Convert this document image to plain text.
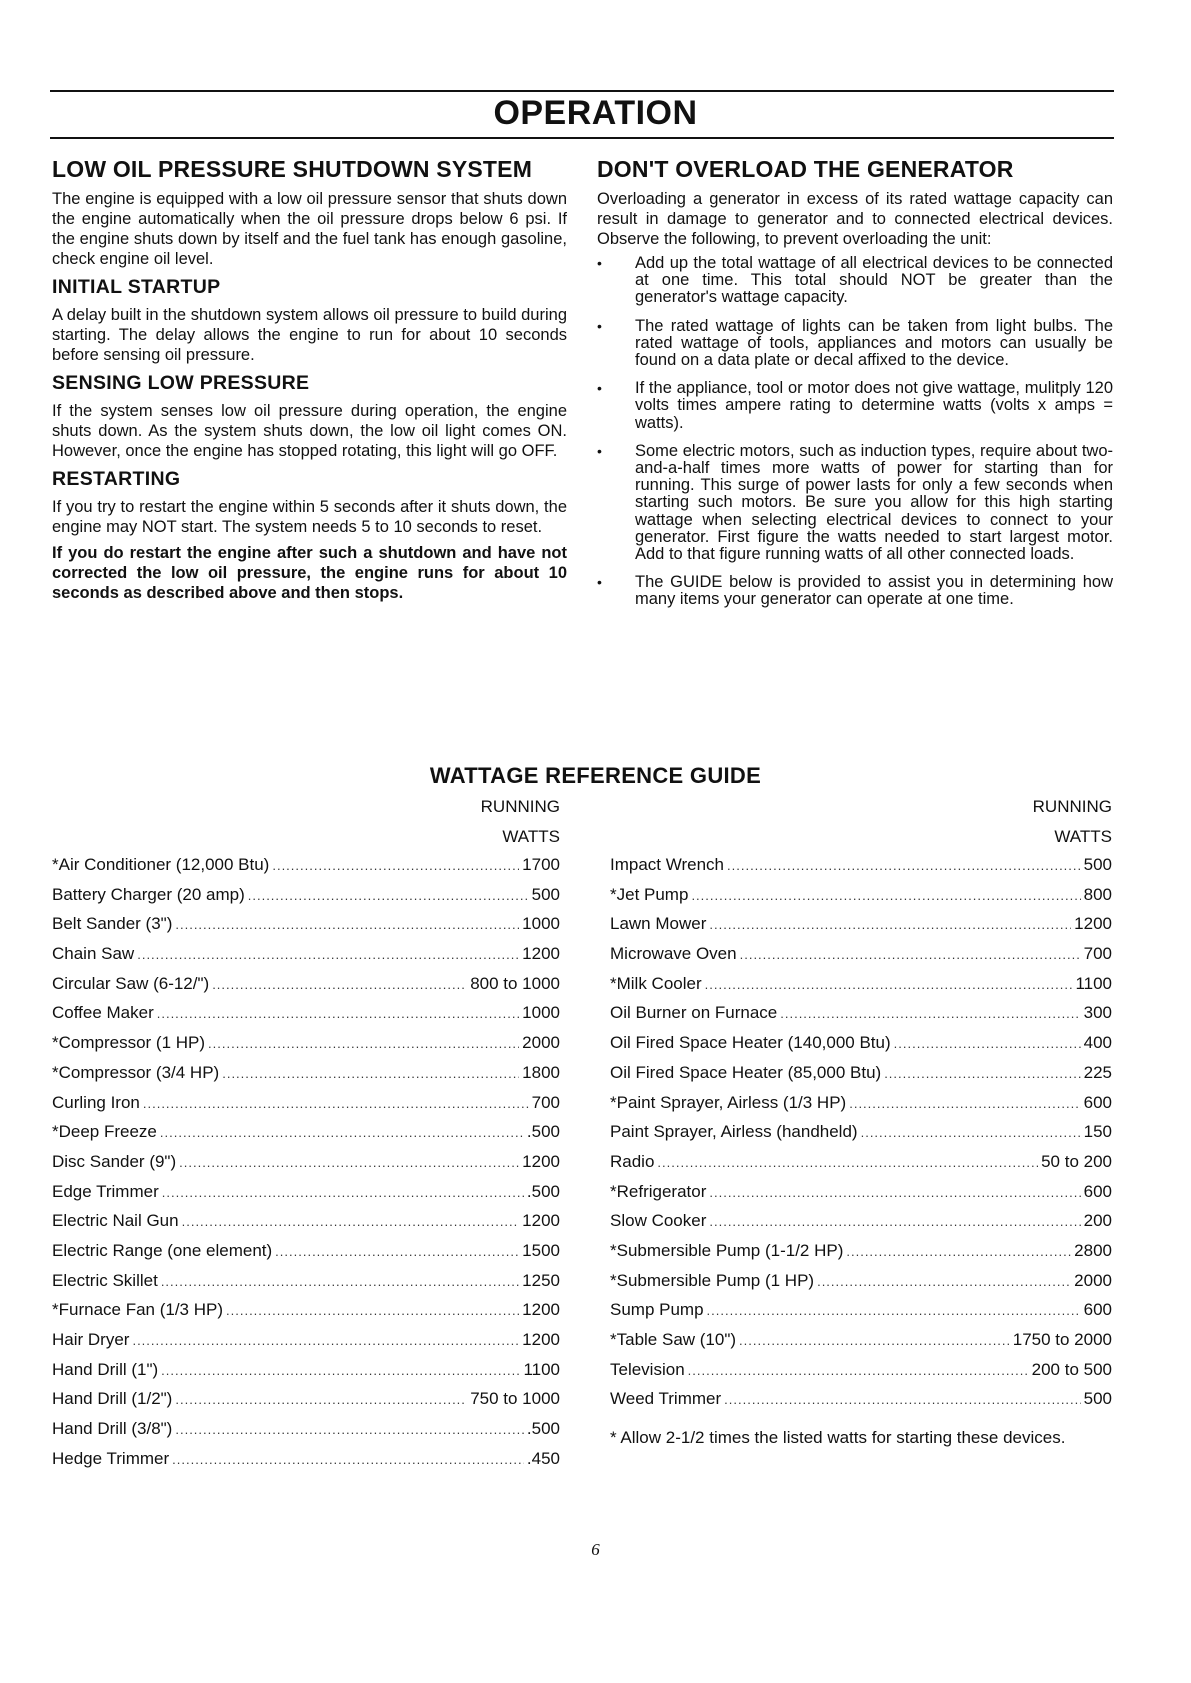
OPERATION
LOW OIL PRESSURE SHUTDOWN SYSTEM

The engine is equipped with a low oil pressure sensor that shuts down the engine automatically when the oil pressure drops below 6 psi. If the engine shuts down by itself and the fuel tank has enough gasoline, check engine oil level.

INITIAL STARTUP

A delay built in the shutdown system allows oil pressure to build during starting. The delay allows the engine to run for about 10 seconds before sensing oil pressure.

SENSING LOW PRESSURE

If the system senses low oil pressure during operation, the engine shuts down. As the system shuts down, the low oil light comes ON. However, once the engine has stopped rotating, this light will go OFF.

RESTARTING

If you try to restart the engine within 5 seconds after it shuts down, the engine may NOT start. The system needs 5 to 10 seconds to reset.

If you do restart the engine after such a shutdown and have not corrected the low oil pressure, the engine runs for about 10 seconds as described above and then stops.

DON'T OVERLOAD THE GENERATOR

Overloading a generator in excess of its rated wattage capacity can result in damage to generator and to connected electrical devices. Observe the following, to prevent overloading the unit:

• Add up the total wattage of all electrical devices to be connected at one time. This total should NOT be greater than the generator's wattage capacity.
• The rated wattage of lights can be taken from light bulbs. The rated wattage of tools, appliances and motors can usually be found on a data plate or decal affixed to the device.
• If the appliance, tool or motor does not give wattage, mulitply 120 volts times ampere rating to determine watts (volts x amps = watts).
• Some electric motors, such as induction types, require about two-and-a-half times more watts of power for starting than for running. This surge of power lasts for only a few seconds when starting such motors. Be sure you allow for this high starting wattage when selecting electrical devices to connect to your generator. First figure the watts needed to start largest motor. Add to that figure running watts of all other connected loads.
• The GUIDE below is provided to assist you in determining how many items your generator can operate at one time.
WATTAGE REFERENCE GUIDE
RUNNING
WATTS
RUNNING
WATTS
*Air Conditioner (12,000 Btu) .....	1700
Battery Charger (20 amp) .....	500
Belt Sander (3") .....	1000
Chain Saw .....	1200
Circular Saw (6-12/") .....	800 to 1000
Coffee Maker .....	1000
*Compressor (1 HP) .....	2000
*Compressor (3/4 HP) .....	1800
Curling Iron .....	700
*Deep Freeze .....	.500
Disc Sander (9") .....	1200
Edge Trimmer .....	.500
Electric Nail Gun .....	1200
Electric Range (one element) .....	1500
Electric Skillet .....	1250
*Furnace Fan (1/3 HP) .....	1200
Hair Dryer .....	1200
Hand Drill (1") .....	1100
Hand Drill (1/2") .....	750 to 1000
Hand Drill (3/8") .....	.500
Hedge Trimmer .....	.450
Impact Wrench .....	500
*Jet Pump .....	800
Lawn Mower .....	1200
Microwave Oven .....	700
*Milk Cooler .....	1100
Oil Burner on Furnace .....	300
Oil Fired Space Heater (140,000 Btu) .....	400
Oil Fired Space Heater (85,000 Btu) .....	225
*Paint Sprayer, Airless (1/3 HP) .....	600
Paint Sprayer, Airless (handheld) .....	150
Radio .....	50 to 200
*Refrigerator .....	600
Slow Cooker .....	200
*Submersible Pump (1-1/2 HP) .....	2800
*Submersible Pump (1 HP) .....	2000
Sump Pump .....	600
*Table Saw (10") .....	1750 to 2000
Television .....	200 to 500
Weed Trimmer .....	500
* Allow 2-1/2 times the listed watts for starting these devices.
6
